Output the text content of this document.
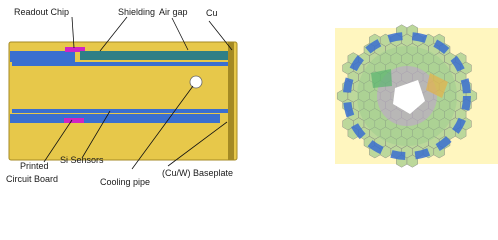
Readout Chip	Shielding Air gap Cu
Printed
Circuit Board
Si Sensors
Cooling pipe
(Cu/W) Baseplate
